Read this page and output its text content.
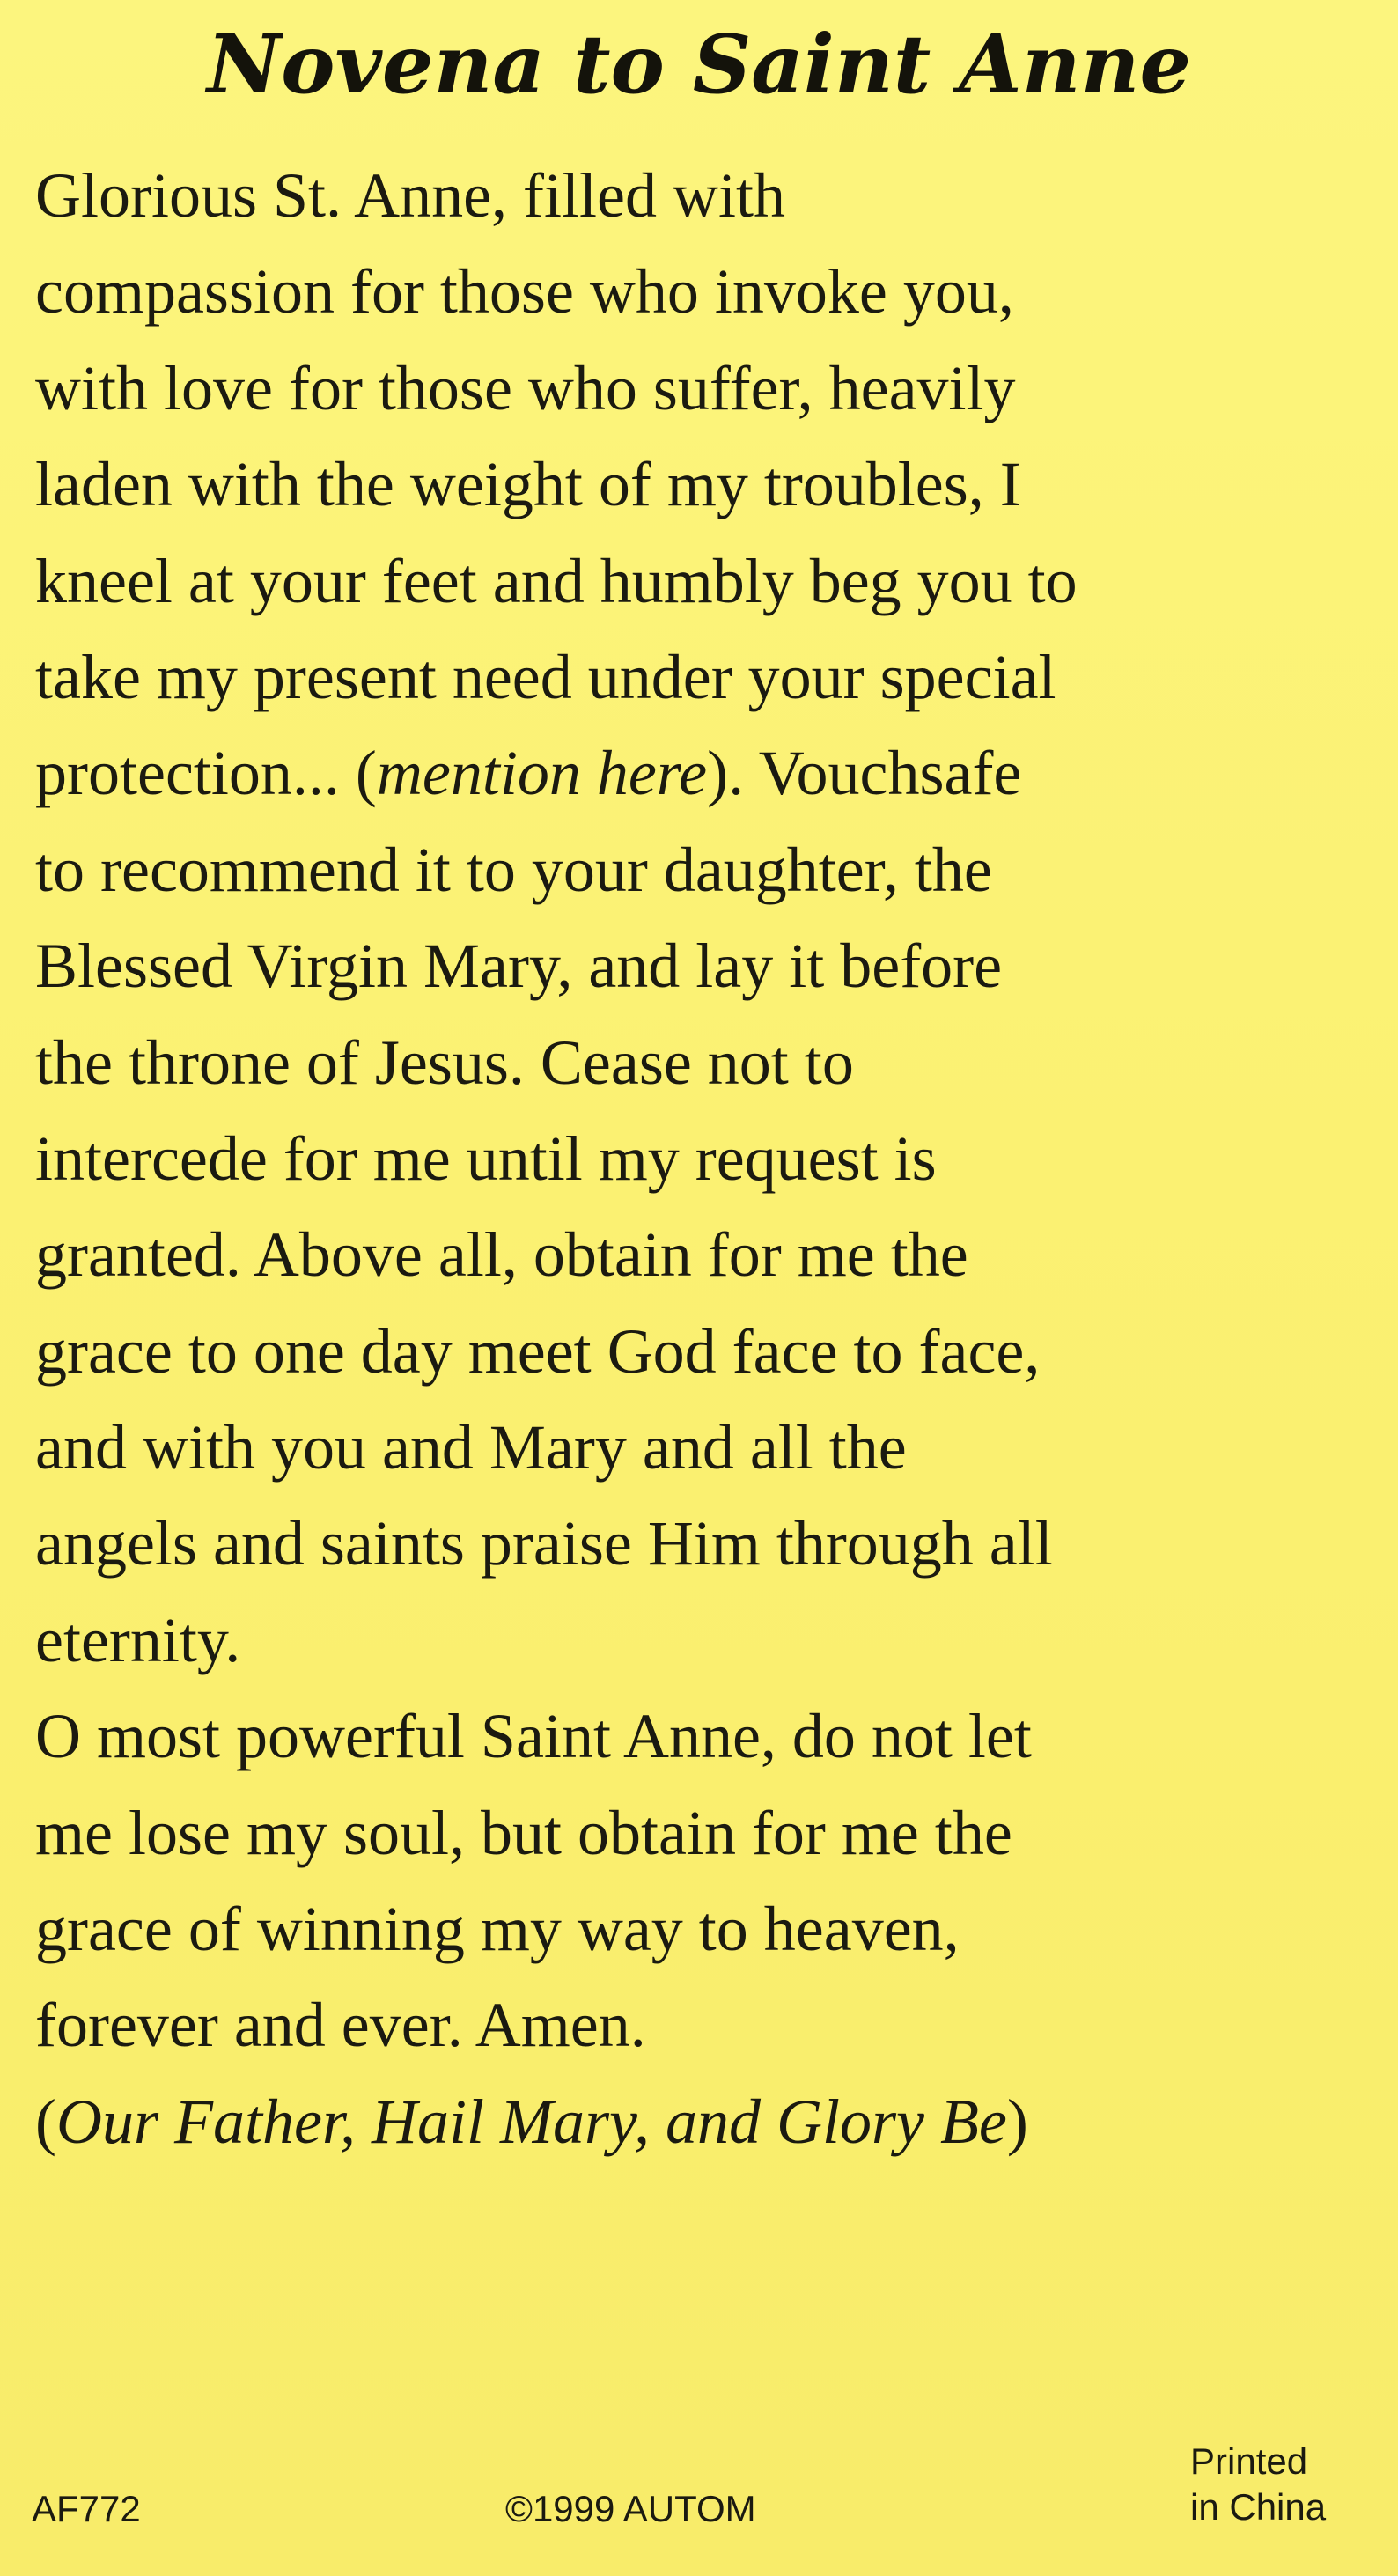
Novena to Saint Anne
Glorious St. Anne, filled with
compassion for those who invoke you,
with love for those who suffer, heavily
laden with the weight of my troubles, I
kneel at your feet and humbly beg you to
take my present need under your special
protection... (mention here). Vouchsafe
to recommend it to your daughter, the
Blessed Virgin Mary, and lay it before
the throne of Jesus. Cease not to
intercede for me until my request is
granted. Above all, obtain for me the
grace to one day meet God face to face,
and with you and Mary and all the
angels and saints praise Him through all
eternity.
O most powerful Saint Anne, do not let
me lose my soul, but obtain for me the
grace of winning my way to heaven,
forever and ever. Amen.
(Our Father, Hail Mary, and Glory Be)
AF772	©1999 AUTOM
Printed
in China
